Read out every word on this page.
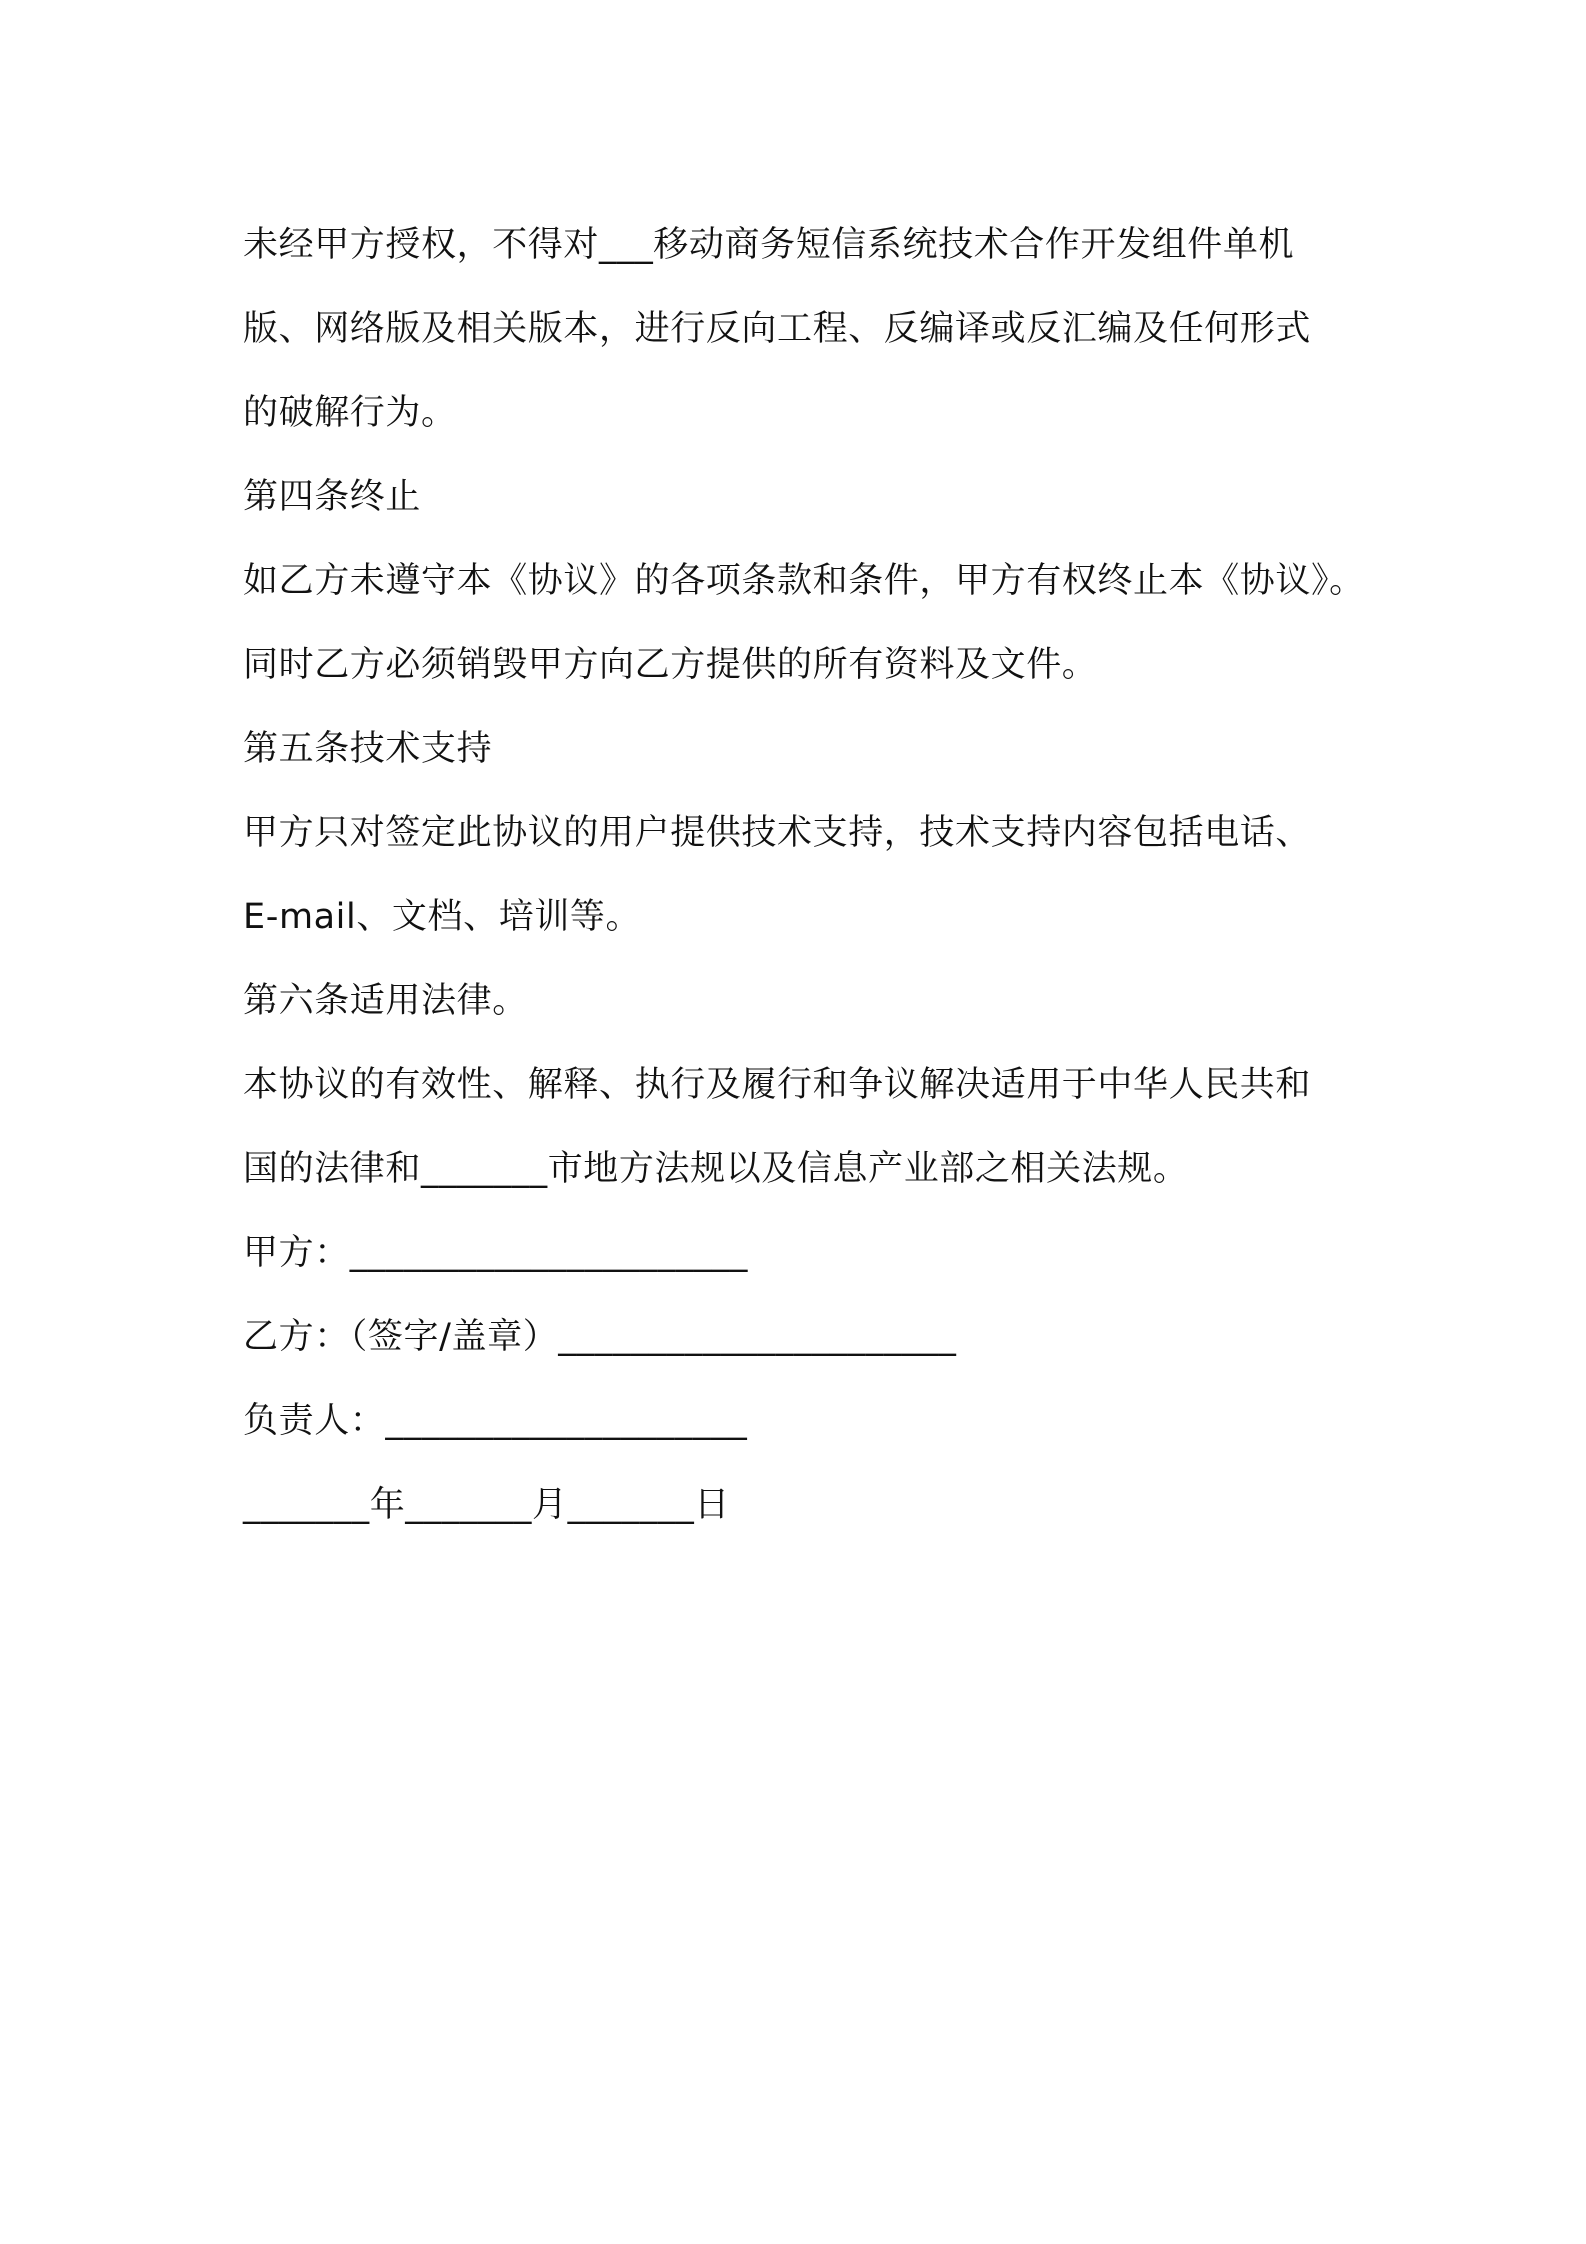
未经甲方授权，不得对___移动商务短信系统技术合作开发组件单机
版、网络版及相关版本，进行反向工程、反编译或反汇编及任何形式
的破解行为。
第四条终止
如乙方未遵守本《协议》的各项条款和条件，甲方有权终止本《协议》。
同时乙方必须销毁甲方向乙方提供的所有资料及文件。
第五条技术支持
甲方只对签定此协议的用户提供技术支持，技术支持内容包括电话、
E-mail、文档、培训等。
第六条适用法律。
本协议的有效性、解释、执行及履行和争议解决适用于中华人民共和
国的法律和_______市地方法规以及信息产业部之相关法规。
甲方：______________________
乙方：（签字/盖章）______________________
负责人：____________________
_______年_______月_______日
